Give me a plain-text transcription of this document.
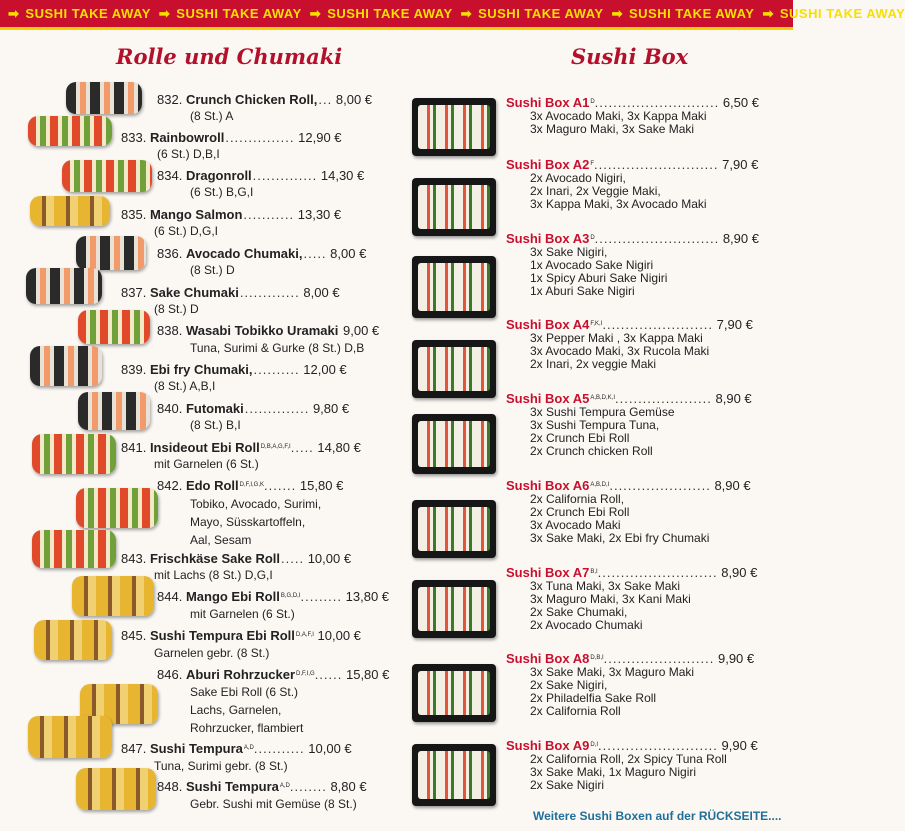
➡ SUSHI TAKE AWAY ➡ SUSHI TAKE AWAY ➡ SUSHI TAKE AWAY ➡ SUSHI TAKE AWAY ➡ SUSHI TAKE AWAY ➡ SUSHI TAKE AWAY
Rolle und Chumaki	Sushi Box
832. Crunch Chicken Roll,... 8,00 €
(8 St.) A
833. Rainbowroll............... 12,90 €
(6 St.) D,B,I
834. Dragonroll.............. 14,30 €
(6 St.) B,G,I
835. Mango Salmon........... 13,30 €
(6 St.) D,G,I
836. Avocado Chumaki,..... 8,00 €
(8 St.) D
837. Sake Chumaki............. 8,00 €
(8 St.) D
838. Wasabi Tobikko Uramaki 9,00 €
Tuna, Surimi & Gurke (8 St.) D,B
839. Ebi fry Chumaki,.......... 12,00 €
(8 St.) A,B,I
840. Futomaki.............. 9,80 €
(8 St.) B,I
841. Insideout Ebi Roll$^{D,B,A,G,F,I}$..... 14,80 €
mit Garnelen (6 St.)
842. Edo Roll$^{D,F,I,G,K}$....... 15,80 €
Tobiko, Avocado, Surimi,
Mayo, Süsskartoffeln,
Aal, Sesam
843. Frischkäse Sake Roll..... 10,00 €
mit Lachs (8 St.) D,G,I
844. Mango Ebi Roll$^{B,G,D,I}$......... 13,80 €
mit Garnelen (6 St.)
845. Sushi Tempura Ebi Roll$^{D,A,F,I}$ 10,00 €
Garnelen gebr. (8 St.)
846. Aburi Rohrzucker$^{D,F,I,G}$...... 15,80 €
Sake Ebi Roll (6 St.)
Lachs, Garnelen,
Rohrzucker, flambiert
847. Sushi Tempura$^{A,D}$........... 10,00 €
Tuna, Surimi gebr. (8 St.)
848. Sushi Tempura$^{A,D}$........ 8,80 €
Gebr. Sushi mit Gemüse (8 St.)
Sushi Box $A1^D$........................... 6,50 €
3x Avocado Maki, 3x Kappa Maki
3x Maguro Maki, 3x Sake Maki
Sushi Box $A2^F$........................... 7,90 €
2x Avocado Nigiri,
2x Inari, 2x Veggie Maki,
3x Kappa Maki, 3x Avocado Maki
Sushi Box $A3^D$........................... 8,90 €
3x Sake Nigiri,
1x Avocado Sake Nigiri
1x Spicy Aburi Sake Nigiri
1x Aburi Sake Nigiri
Sushi Box $A4^{F,K,I}$........................ 7,90 €
3x Pepper Maki , 3x Kappa Maki
3x Avocado Maki, 3x Rucola Maki
2x Inari, 2x veggie Maki
Sushi Box $A5^{A,B,D,K,I}$..................... 8,90 €
3x Sushi Tempura Gemüse
3x Sushi Tempura Tuna,
2x Crunch Ebi Roll
2x Crunch chicken Roll
Sushi Box $A6^{A,B,D,I}$...................... 8,90 €
2x California Roll,
2x Crunch Ebi Roll
3x Avocado Maki
3x Sake Maki, 2x Ebi fry Chumaki
Sushi Box $A7^{B,I}$.......................... 8,90 €
3x Tuna Maki, 3x Sake Maki
3x Maguro Maki, 3x Kani Maki
2x Sake Chumaki,
2x Avocado Chumaki
Sushi Box $A8^{D,B,I}$........................ 9,90 €
3x Sake Maki, 3x Maguro Maki
2x Sake Nigiri,
2x Philadelfia Sake Roll
2x California Roll
Sushi Box $A9^{D,I}$.......................... 9,90 €
2x California Roll, 2x Spicy Tuna Roll
3x Sake Maki, 1x Maguro Nigiri
2x Sake Nigiri
Weitere Sushi Boxen auf der RÜCKSEITE....
